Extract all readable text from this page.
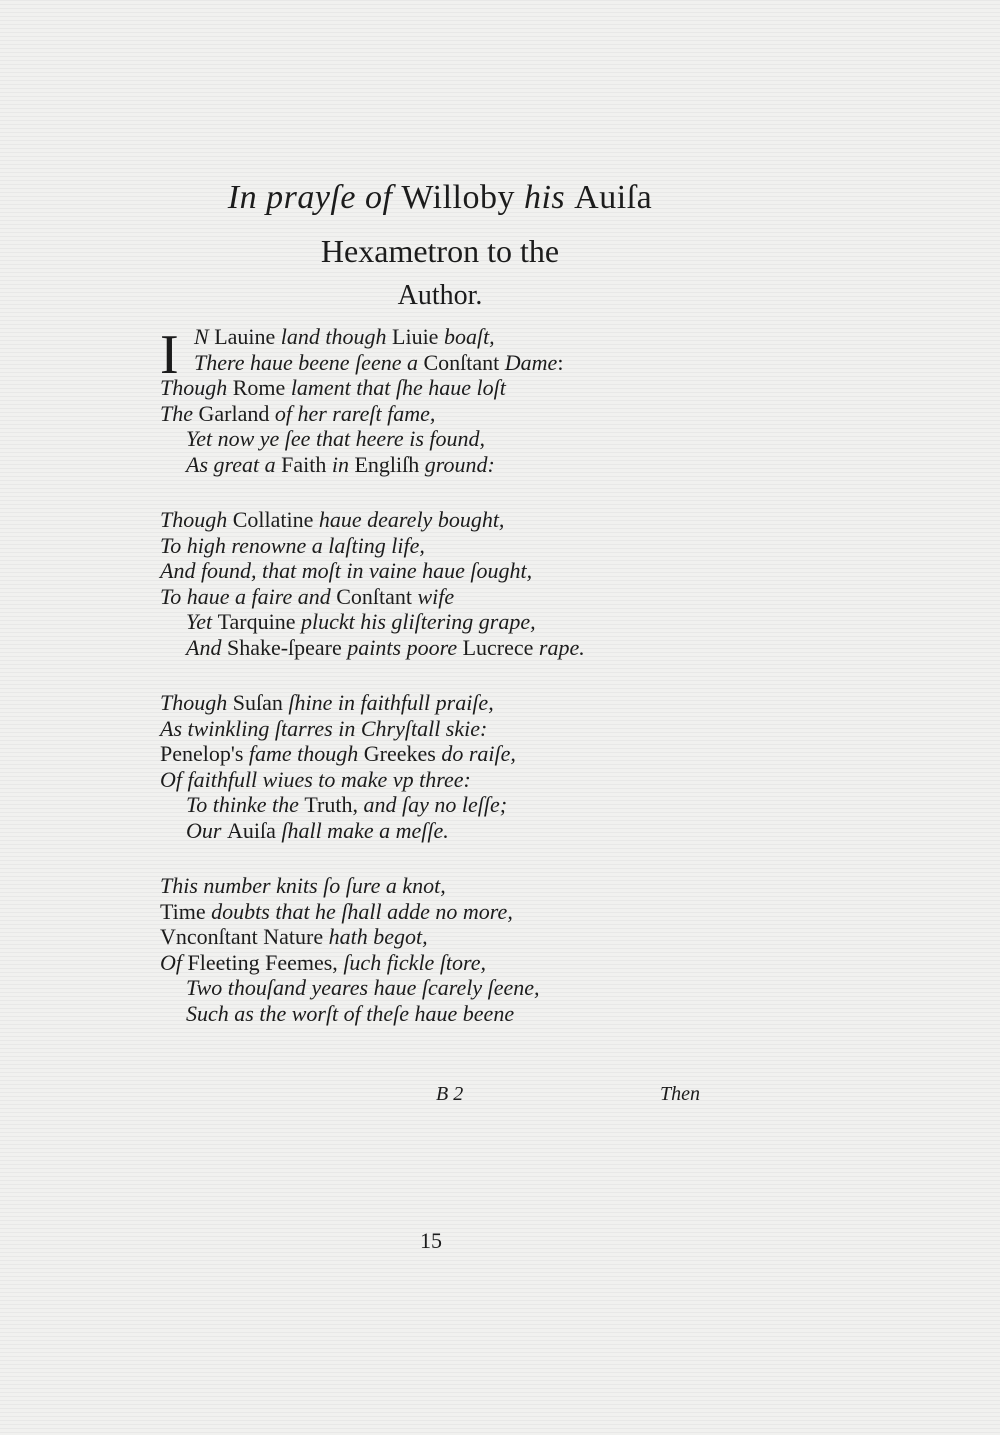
In prayſe of Willoby his Auiſa
Hexametron to the
Author.
I N Lauine land though Liuie boaſt,
There haue beene ſeene a Conſtant Dame:
Though Rome lament that ſhe haue loſt
The Garland of her rareſt fame,
Yet now ye ſee that heere is found,
As great a Faith in Engliſh ground:
Though Collatine haue dearely bought,
To high renowne a laſting life,
And found, that moſt in vaine haue ſought,
To haue a faire and Conſtant wife
Yet Tarquine pluckt his gliſtering grape,
And Shake-ſpeare paints poore Lucrece rape.
Though Suſan ſhine in faithfull praiſe,
As twinkling ſtarres in Chryſtall skie:
Penelop's fame though Greekes do raiſe,
Of faithfull wiues to make vp three:
To thinke the Truth, and ſay no leſſe;
Our Auiſa ſhall make a meſſe.
This number knits ſo ſure a knot,
Time doubts that he ſhall adde no more,
Vnconſtant Nature hath begot,
Of Fleeting Feemes, ſuch fickle ſtore,
Two thouſand yeares haue ſcarely ſeene,
Such as the worſt of theſe haue beene
B 2	Then
15
